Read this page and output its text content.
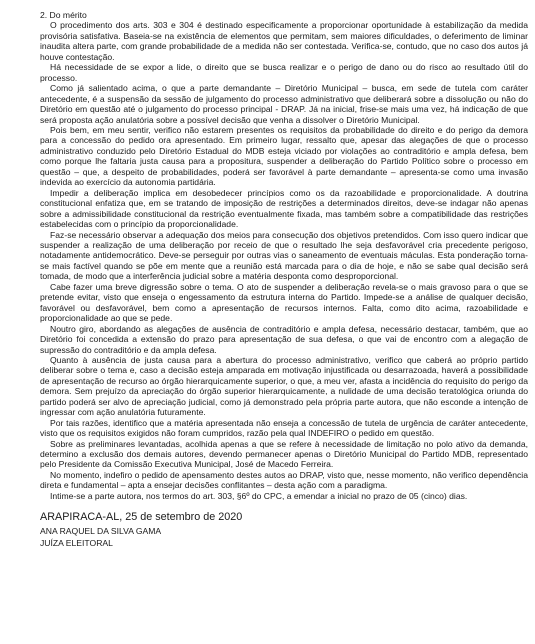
2. Do mérito

O procedimento dos arts. 303 e 304 é destinado especificamente a proporcionar oportunidade à estabilização da medida provisória satisfativa. Baseia-se na existência de elementos que permitam, sem maiores dificuldades, o deferimento de liminar inaudita altera parte, com grande probabilidade de a medida não ser contestada. Verifica-se, contudo, que no caso dos autos já houve contestação.

Há necessidade de se expor a lide, o direito que se busca realizar e o perigo de dano ou do risco ao resultado útil do processo.

Como já salientado acima, o que a parte demandante – Diretório Municipal – busca, em sede de tutela com caráter antecedente, é a suspensão da sessão de julgamento do processo administrativo que deliberará sobre a dissolução ou não do Diretório em questão até o julgamento do processo principal - DRAP. Já na inicial, frise-se mais uma vez, há indicação de que será proposta ação anulatória sobre a possível decisão que venha a dissolver o Diretório Municipal.

Pois bem, em meu sentir, verifico não estarem presentes os requisitos da probabilidade do direito e do perigo da demora para a concessão do pedido ora apresentado. Em primeiro lugar, ressalto que, apesar das alegações de que o processo administrativo conduzido pelo Diretório Estadual do MDB esteja viciado por violações ao contraditório e ampla defesa, bem como porque lhe faltaria justa causa para a propositura, suspender a deliberação do Partido Político sobre o processo em questão – que, a despeito de probabilidades, poderá ser favorável à parte demandante – apresenta-se como uma invasão indevida ao exercício da autonomia partidária.

Impedir a deliberação implica em desobedecer princípios como os da razoabilidade e proporcionalidade. A doutrina constitucional enfatiza que, em se tratando de imposição de restrições a determinados direitos, deve-se indagar não apenas sobre a admissibilidade constitucional da restrição eventualmente fixada, mas também sobre a compatibilidade das restrições estabelecidas com o princípio da proporcionalidade.

Faz-se necessário observar a adequação dos meios para consecução dos objetivos pretendidos. Com isso quero indicar que suspender a realização de uma deliberação por receio de que o resultado lhe seja desfavorável cria precedente perigoso, notadamente antidemocrático. Deve-se perseguir por outras vias o saneamento de eventuais máculas. Esta ponderação torna-se mais factível quando se põe em mente que a reunião está marcada para o dia de hoje, e não se sabe qual decisão será tomada, de modo que a interferência judicial sobre a matéria desponta como desproporcional.

Cabe fazer uma breve digressão sobre o tema. O ato de suspender a deliberação revela-se o mais gravoso para o que se pretende evitar, visto que enseja o engessamento da estrutura interna do Partido. Impede-se a análise de qualquer decisão, favorável ou desfavorável, bem como a apresentação de recursos internos. Falta, como dito acima, razoabilidade e proporcionalidade ao que se pede.

Noutro giro, abordando as alegações de ausência de contraditório e ampla defesa, necessário destacar, também, que ao Diretório foi concedida a extensão do prazo para apresentação de sua defesa, o que vai de encontro com a alegação de supressão do contraditório e da ampla defesa.

Quanto à ausência de justa causa para a abertura do processo administrativo, verifico que caberá ao próprio partido deliberar sobre o tema e, caso a decisão esteja amparada em motivação injustificada ou desarrazoada, haverá a possibilidade de apresentação de recurso ao órgão hierarquicamente superior, o que, a meu ver, afasta a incidência do requisito do perigo da demora. Sem prejuízo da apreciação do órgão superior hierarquicamente, a nulidade de uma decisão teratológica oriunda do partido poderá ser alvo de apreciação judicial, como já demonstrado pela própria parte autora, que não esconde a intenção de ingressar com ação anulatória futuramente.

Por tais razões, identifico que a matéria apresentada não enseja a concessão de tutela de urgência de caráter antecedente, visto que os requisitos exigidos não foram cumpridos, razão pela qual INDEFIRO o pedido em questão.

Sobre as preliminares levantadas, acolhida apenas a que se refere à necessidade de limitação no polo ativo da demanda, determino a exclusão dos demais autores, devendo permanecer apenas o Diretório Municipal do Partido MDB, representado pelo Presidente da Comissão Executiva Municipal, José de Macedo Ferreira.

No momento, indefiro o pedido de apensamento destes autos ao DRAP, visto que, nesse momento, não verifico dependência direta e fundamental – apta a ensejar decisões conflitantes – desta ação com a paradigma.

Intime-se a parte autora, nos termos do art. 303, §6º do CPC, a emendar a inicial no prazo de 05 (cinco) dias.

ARAPIRACA-AL, 25 de setembro de 2020

ANA RAQUEL DA SILVA GAMA

JUÍZA ELEITORAL
